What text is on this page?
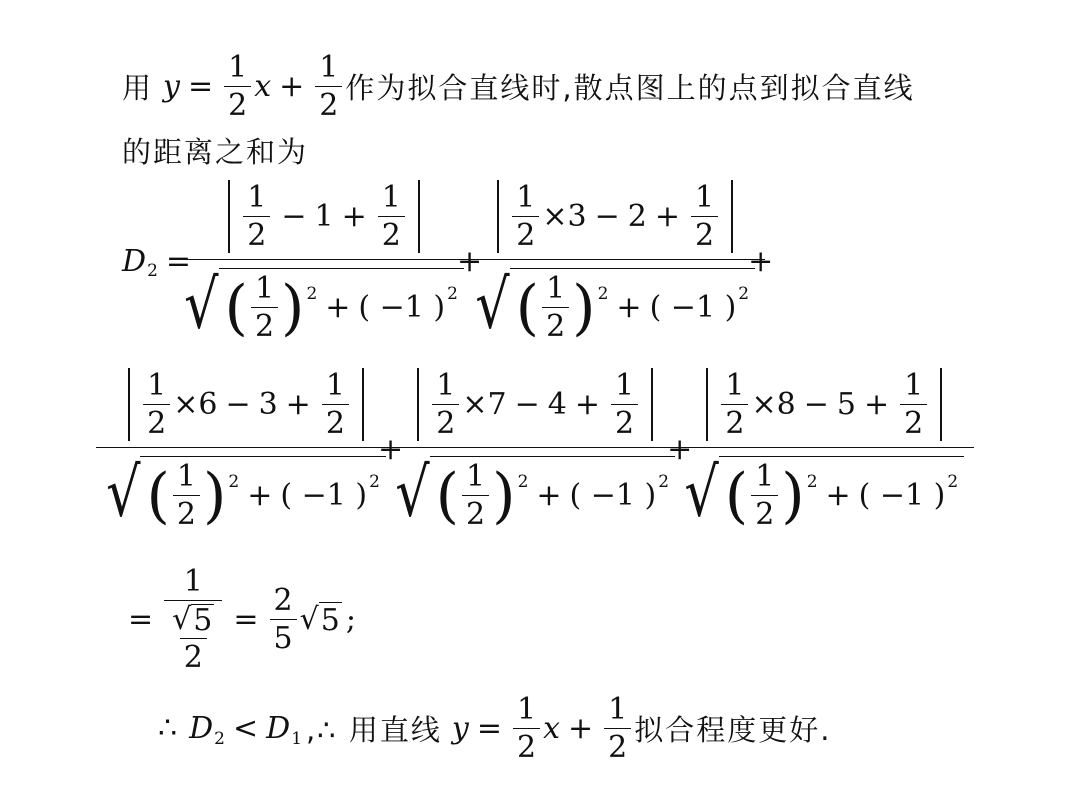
用 $y = \frac{1}{2}$ $x + \frac{1}{2}$ 作为拟合直线时,散点图上的点到拟合直线
的距离之和为
D $2 = \frac{\frac{1}{2} - 1 + \frac{1}{2}}{√ ( \frac{1}{2} ) 2 + ( -1 ) 2} + \frac{\frac{1}{2} \times 3 - 2 + \frac{1}{2}}{√ ( \frac{1}{2} ) 2 + ( -1 ) 2}$ +
$\frac{\frac{1}{2} \times 6 - 3 + \frac{1}{2}}{√ ( \frac{1}{2} ) 2 + ( -1 ) 2} + \frac{\frac{1}{2} \times 7 - 4 + \frac{1}{2}}{√ ( \frac{1}{2} ) 2 + ( -1 ) 2} + \frac{\frac{1}{2} \times 8 - 5 + \frac{1}{2}}{√ ( \frac{1}{2} ) 2 + ( -1 ) 2}$
= $\frac{1}{\frac{√ 5}{2}} = \frac{2}{5}$ √ 5 ;
∴ D 2 < D 1 ,∴ 用直线 $y = \frac{1}{2}$ $x + \frac{1}{2}$ 拟合程度更好.
